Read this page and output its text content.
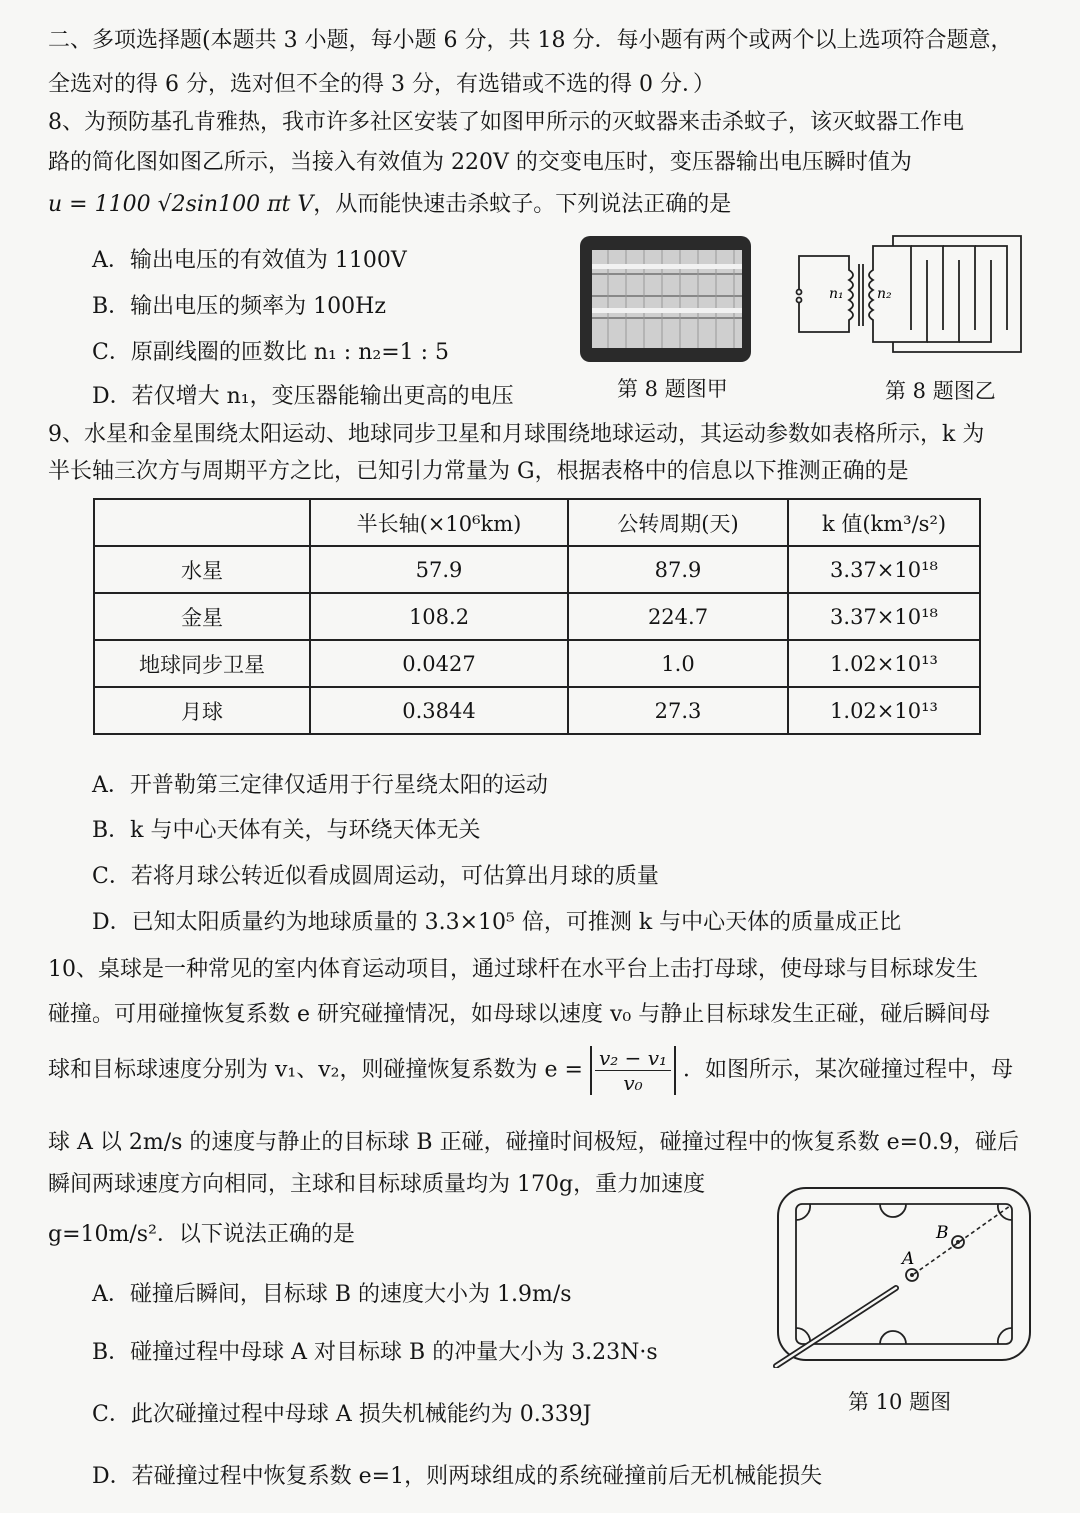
二、多项选择题(本题共 3 小题，每小题 6 分，共 18 分．每小题有两个或两个以上选项符合题意，
全选对的得 6 分，选对但不全的得 3 分，有选错或不选的得 0 分．）
8、为预防基孔肯雅热，我市许多社区安装了如图甲所示的灭蚊器来击杀蚊子，该灭蚊器工作电
路的简化图如图乙所示，当接入有效值为 220V 的交变电压时，变压器输出电压瞬时值为
u = 1100 √2sin100 πt V，从而能快速击杀蚊子。下列说法正确的是
A．输出电压的有效值为 1100V
B．输出电压的频率为 100Hz
C．原副线圈的匝数比 n₁ : n₂=1 : 5
D．若仅增大 n₁，变压器能输出更高的电压	第 8 题图甲
n₁ n₂
第 8 题图乙
9、水星和金星围绕太阳运动、地球同步卫星和月球围绕地球运动，其运动参数如表格所示，k 为
半长轴三次方与周期平方之比，已知引力常量为 G，根据表格中的信息以下推测正确的是
	半长轴(×10⁶km)	公转周期(天)	k 值(km³/s²)
水星	57.9	87.9	3.37×10¹⁸
金星	108.2	224.7	3.37×10¹⁸
地球同步卫星	0.0427	1.0	1.02×10¹³
月球	0.3844	27.3	1.02×10¹³
A．开普勒第三定律仅适用于行星绕太阳的运动
B．k 与中心天体有关，与环绕天体无关
C．若将月球公转近似看成圆周运动，可估算出月球的质量
D．已知太阳质量约为地球质量的 3.3×10⁵ 倍，可推测 k 与中心天体的质量成正比
10、桌球是一种常见的室内体育运动项目，通过球杆在水平台上击打母球，使母球与目标球发生
碰撞。可用碰撞恢复系数 e 研究碰撞情况，如母球以速度 v₀ 与静止目标球发生正碰，碰后瞬间母
球和目标球速度分别为 v₁、v₂，则碰撞恢复系数为 $e = \frac{\text{v₂ − v₁}}{\text{v₀}}$ ．如图所示，某次碰撞过程中，母
球 A 以 2m/s 的速度与静止的目标球 B 正碰，碰撞时间极短，碰撞过程中的恢复系数 e=0.9，碰后
瞬间两球速度方向相同，主球和目标球质量均为 170g，重力加速度
g=10m/s²．以下说法正确的是
A．碰撞后瞬间，目标球 B 的速度大小为 1.9m/s
B．碰撞过程中母球 A 对目标球 B 的冲量大小为 3.23N·s
C．此次碰撞过程中母球 A 损失机械能约为 0.339J
D．若碰撞过程中恢复系数 e=1，则两球组成的系统碰撞前后无机械能损失
A
B
第 10 题图
